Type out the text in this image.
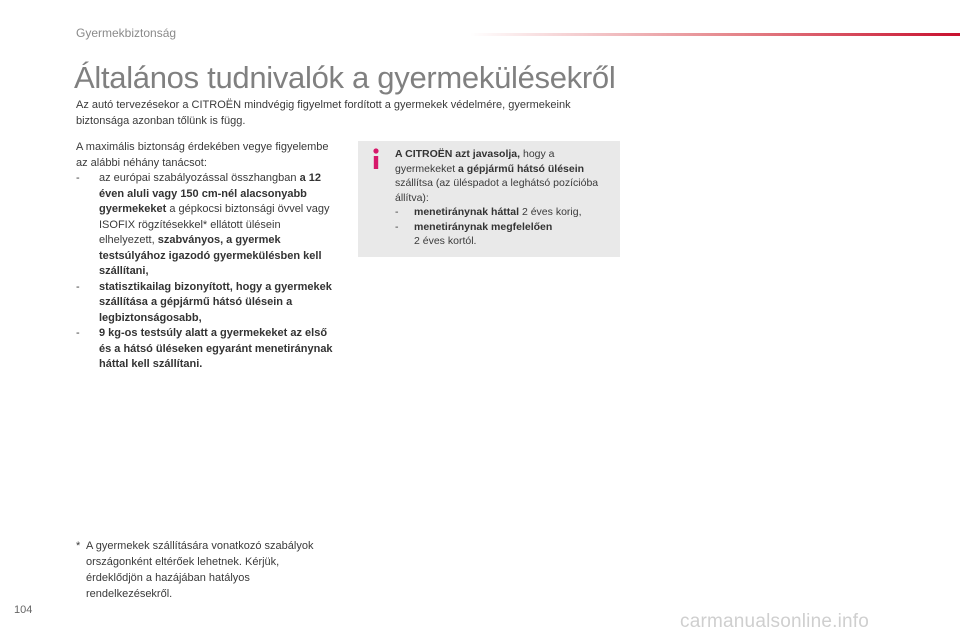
Gyermekbiztonság
Általános tudnivalók a gyermekülésekről

Az autó tervezésekor a CITROËN mindvégig figyelmet fordított a gyermekek védelmére, gyermekeink biztonsága azonban tőlünk is függ.

A maximális biztonság érdekében vegye figyelembe az alábbi néhány tanácsot:

- az európai szabályozással összhangban a 12 éven aluli vagy 150 cm-nél alacsonyabb gyermekeket a gépkocsi biztonsági övvel vagy ISOFIX rögzítésekkel* ellátott ülésein elhelyezett, szabványos, a gyermek testsúlyához igazodó gyermekülésben kell szállítani,
- statisztikailag bizonyított, hogy a gyermekek szállítása a gépjármű hátsó ülésein a legbiztonságosabb,
- 9 kg-os testsúly alatt a gyermekeket az első és a hátsó üléseken egyaránt menetiránynak háttal kell szállítani.

A CITROËN azt javasolja, hogy a gyermekeket a gépjármű hátsó ülésein szállítsa (az üléspadot a leghátsó pozícióba állítva):

- menetiránynak háttal 2 éves korig,
- menetiránynak megfelelően
2 éves kortól.
* A gyermekek szállítására vonatkozó szabályok országonként eltérőek lehetnek. Kérjük, érdeklődjön a hazájában hatályos rendelkezésekről.
104
carmanualsonline.info
